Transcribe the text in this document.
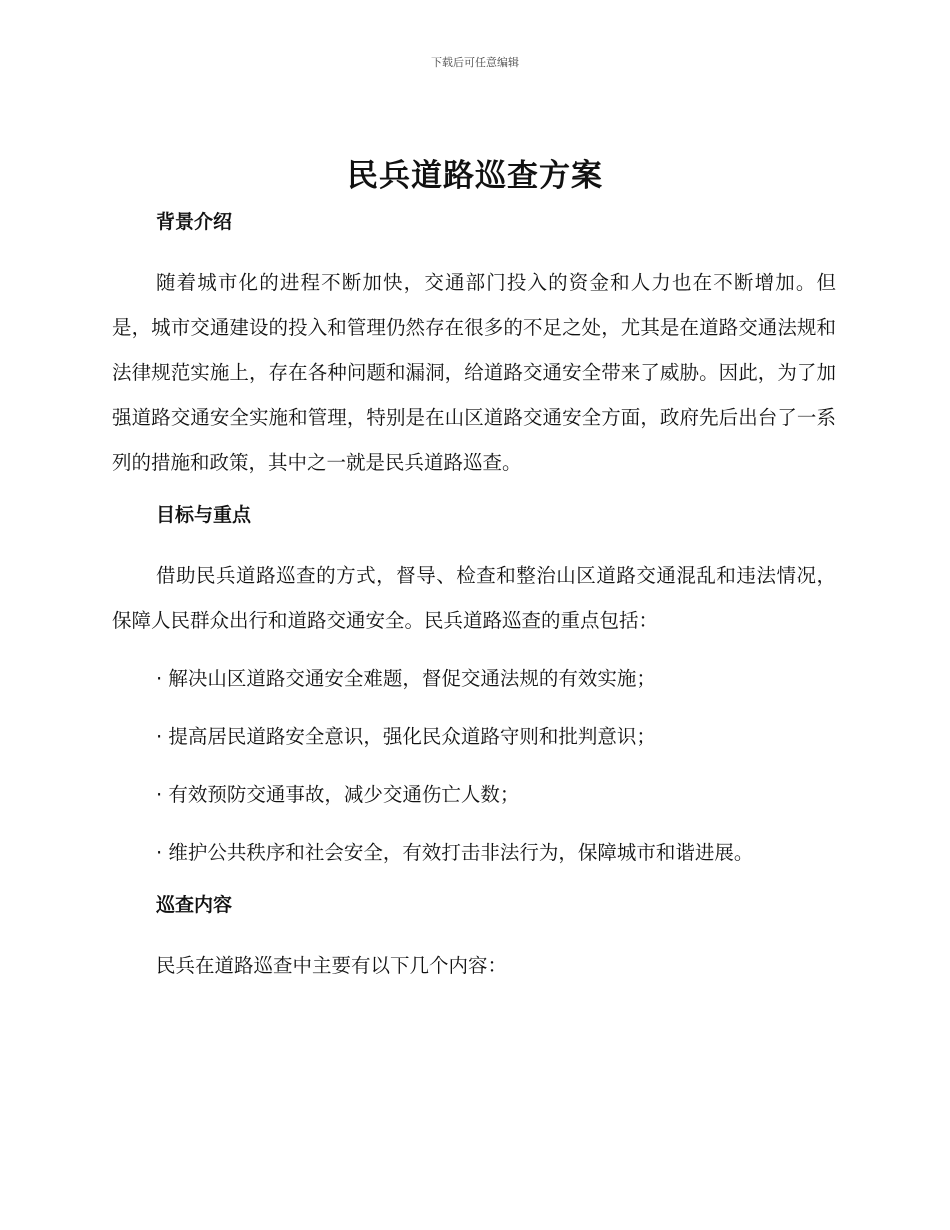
下载后可任意编辑
民兵道路巡查方案
背景介绍

随着城市化的进程不断加快，交通部门投入的资金和人力也在不断增加。但是，城市交通建设的投入和管理仍然存在很多的不足之处，尤其是在道路交通法规和法律规范实施上，存在各种问题和漏洞，给道路交通安全带来了威胁。因此，为了加强道路交通安全实施和管理，特别是在山区道路交通安全方面，政府先后出台了一系列的措施和政策，其中之一就是民兵道路巡查。

目标与重点

借助民兵道路巡查的方式，督导、检查和整治山区道路交通混乱和违法情况，保障人民群众出行和道路交通安全。民兵道路巡查的重点包括：

· 解决山区道路交通安全难题，督促交通法规的有效实施；

· 提高居民道路安全意识，强化民众道路守则和批判意识；

· 有效预防交通事故，减少交通伤亡人数；

· 维护公共秩序和社会安全，有效打击非法行为，保障城市和谐进展。

巡查内容

民兵在道路巡查中主要有以下几个内容：
